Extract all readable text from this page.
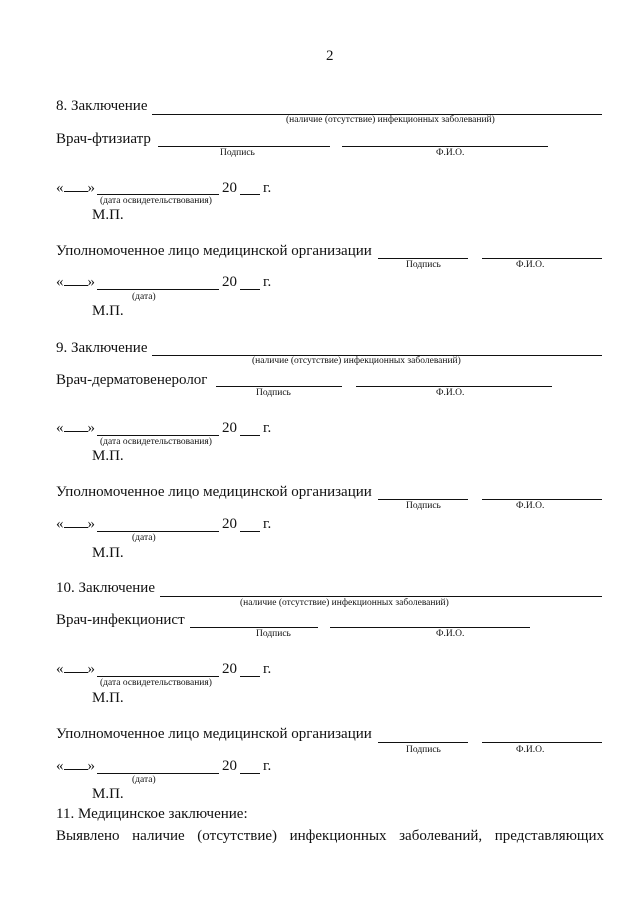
2
8. Заключение
(наличие (отсутствие) инфекционных заболеваний)
Врач-фтизиатр
Подпись	Ф.И.О.
« »	20 г.
(дата освидетельствования)
М.П.
Уполномоченное лицо медицинской организации
Подпись	Ф.И.О.
« »	20 г.
(дата)
М.П.
9. Заключение
(наличие (отсутствие) инфекционных заболеваний)
Врач-дерматовенеролог
Подпись	Ф.И.О.
« »	20 г.
(дата освидетельствования)
М.П.
Уполномоченное лицо медицинской организации
Подпись	Ф.И.О.
« »	20 г.
(дата)
М.П.
10. Заключение
(наличие (отсутствие) инфекционных заболеваний)
Врач-инфекционист
Подпись	Ф.И.О.
« »	20 г.
(дата освидетельствования)
М.П.
Уполномоченное лицо медицинской организации
Подпись	Ф.И.О.
« »	20 г.
(дата)
М.П.
11. Медицинское заключение:
Выявлено наличие (отсутствие) инфекционных заболеваний, представляющих
